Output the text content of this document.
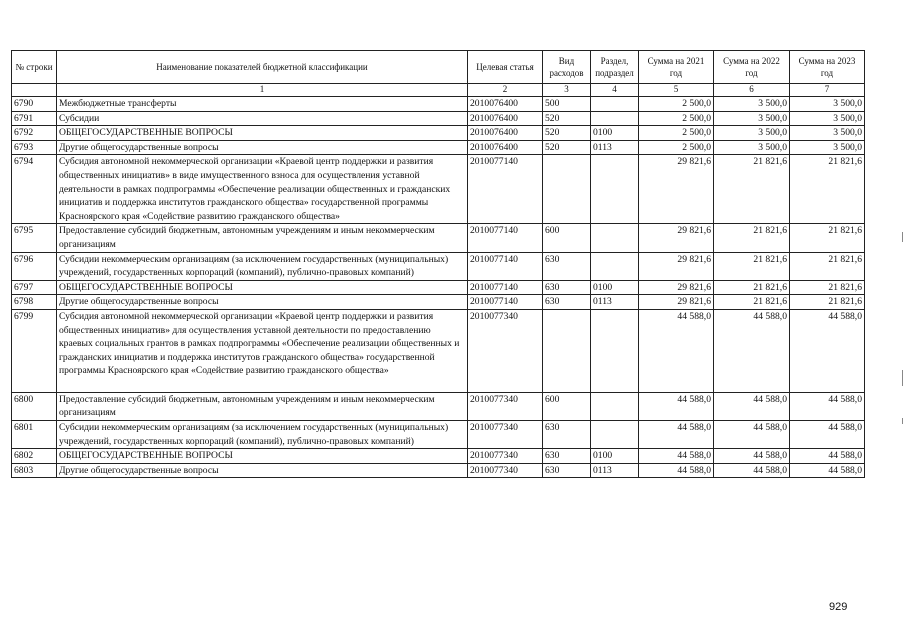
№ строки	Наименование показателей бюджетной классификации	Целевая статья	Вид расходов	Раздел, подраздел	Сумма на 2021 год	Сумма на 2022 год	Сумма на 2023 год
	1	2	3	4	5	6	7
6790	Межбюджетные трансферты	2010076400	500		2 500,0	3 500,0	3 500,0
6791	Субсидии	2010076400	520		2 500,0	3 500,0	3 500,0
6792	ОБЩЕГОСУДАРСТВЕННЫЕ ВОПРОСЫ	2010076400	520	0100	2 500,0	3 500,0	3 500,0
6793	Другие общегосударственные вопросы	2010076400	520	0113	2 500,0	3 500,0	3 500,0
6794	Субсидия автономной некоммерческой организации «Краевой центр поддержки и развития общественных инициатив» в виде имущественного взноса для осуществления уставной деятельности в рамках подпрограммы «Обеспечение реализации общественных и гражданских инициатив и поддержка институтов гражданского общества» государственной программы Красноярского края «Содействие развитию гражданского общества»	2010077140			29 821,6	21 821,6	21 821,6
6795	Предоставление субсидий бюджетным, автономным учреждениям и иным некоммерческим организациям	2010077140	600		29 821,6	21 821,6	21 821,6
6796	Субсидии некоммерческим организациям (за исключением государственных (муниципальных) учреждений, государственных корпораций (компаний), публично-правовых компаний)	2010077140	630		29 821,6	21 821,6	21 821,6
6797	ОБЩЕГОСУДАРСТВЕННЫЕ ВОПРОСЫ	2010077140	630	0100	29 821,6	21 821,6	21 821,6
6798	Другие общегосударственные вопросы	2010077140	630	0113	29 821,6	21 821,6	21 821,6
6799	Субсидия автономной некоммерческой организации «Краевой центр поддержки и развития общественных инициатив» для осуществления уставной деятельности по предоставлению краевых социальных грантов в рамках подпрограммы «Обеспечение реализации общественных и гражданских инициатив и поддержка институтов гражданского общества» государственной программы Красноярского края «Содействие развитию гражданского общества»	2010077340			44 588,0	44 588,0	44 588,0
6800	Предоставление субсидий бюджетным, автономным учреждениям и иным некоммерческим организациям	2010077340	600		44 588,0	44 588,0	44 588,0
6801	Субсидии некоммерческим организациям (за исключением государственных (муниципальных) учреждений, государственных корпораций (компаний), публично-правовых компаний)	2010077340	630		44 588,0	44 588,0	44 588,0
6802	ОБЩЕГОСУДАРСТВЕННЫЕ ВОПРОСЫ	2010077340	630	0100	44 588,0	44 588,0	44 588,0
6803	Другие общегосударственные вопросы	2010077340	630	0113	44 588,0	44 588,0	44 588,0
929
